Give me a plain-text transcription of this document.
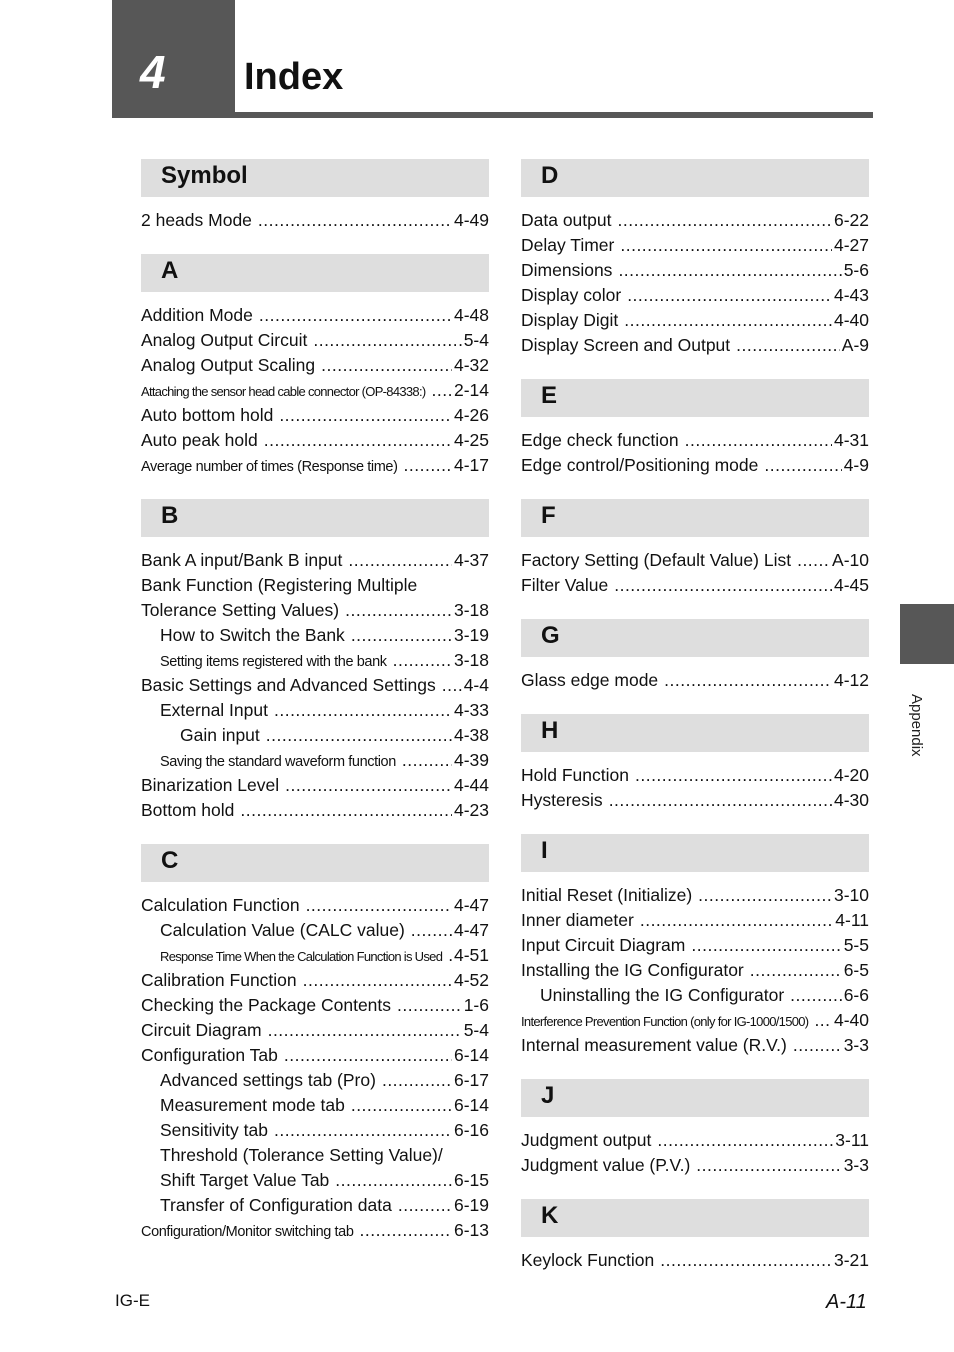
4	Index
Symbol
2 heads Mode .....	4-49
A
Addition Mode .....	4-48
Analog Output Circuit .....	5-4
Analog Output Scaling .....	4-32
Attaching the sensor head cable connector (OP-84338:) ..... 2-14
Auto bottom hold .....	4-26
Auto peak hold .....	4-25
Average number of times (Response time) .....	4-17
B
Bank A input/Bank B input .....	4-37
Bank Function (Registering Multiple
Tolerance Setting Values) .....	3-18
How to Switch the Bank .....	3-19
Setting items registered with the bank .....	3-18
Basic Settings and Advanced Settings ..... 4-4
External Input .....	4-33
Gain input .....	4-38
Saving the standard waveform function .....	4-39
Binarization Level .....	4-44
Bottom hold .....	4-23
C
Calculation Function .....	4-47
Calculation Value (CALC value) .....	4-47
Response Time When the Calculation Function is Used ..... 4-51
Calibration Function .....	4-52
Checking the Package Contents .....	1-6
Circuit Diagram .....	5-4
Configuration Tab .....	6-14
Advanced settings tab (Pro) .....	6-17
Measurement mode tab .....	6-14
Sensitivity tab .....	6-16
Threshold (Tolerance Setting Value)/
Shift Target Value Tab .....	6-15
Transfer of Configuration data .....	6-19
Configuration/Monitor switching tab .....	6-13
D
Data output .....	6-22
Delay Timer .....	4-27
Dimensions .....	5-6
Display color .....	4-43
Display Digit .....	4-40
Display Screen and Output .....	A-9
E
Edge check function .....	4-31
Edge control/Positioning mode .....	4-9
F
Factory Setting (Default Value) List ..... A-10
Filter Value .....	4-45
G
Glass edge mode .....	4-12
H
Hold Function .....	4-20
Hysteresis .....	4-30
I
Initial Reset (Initialize) .....	3-10
Inner diameter .....	4-11
Input Circuit Diagram .....	5-5
Installing the IG Configurator .....	6-5
Uninstalling the IG Configurator .....	6-6
Interference Prevention Function (only for IG-1000/1500) ..... 4-40
Internal measurement value (R.V.) .....	3-3
J
Judgment output .....	3-11
Judgment value (P.V.) .....	3-3
K
Keylock Function .....	3-21
Appendix
IG-E	A-11
